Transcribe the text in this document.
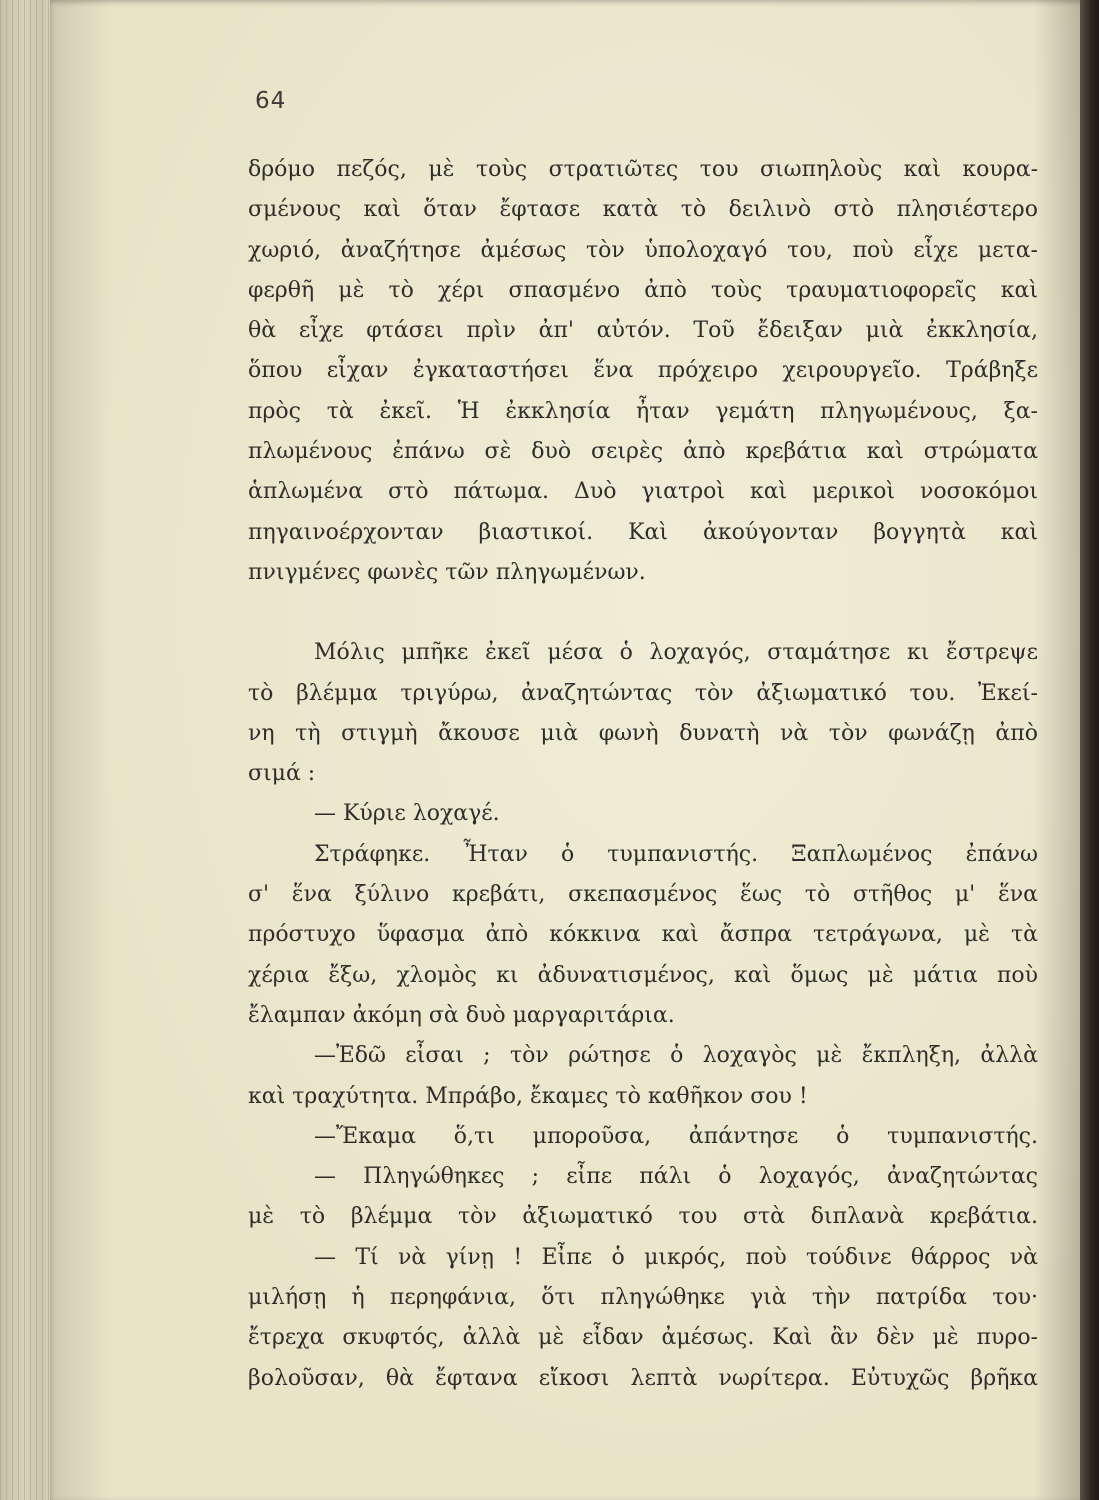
64
δρόμο πεζός, μὲ τοὺς στρατιῶτες του σιωπηλοὺς καὶ κουρα-
σμένους καὶ ὅταν ἔφτασε κατὰ τὸ δειλινὸ στὸ πλησιέστερο
χωριό, ἀναζήτησε ἀμέσως τὸν ὑπολοχαγό του, ποὺ εἶχε μετα-
φερθῆ μὲ τὸ χέρι σπασμένο ἀπὸ τοὺς τραυματιοφορεῖς καὶ
θὰ εἶχε φτάσει πρὶν ἀπ' αὐτόν. Τοῦ ἔδειξαν μιὰ ἐκκλησία,
ὅπου εἶχαν ἐγκαταστήσει ἕνα πρόχειρο χειρουργεῖο. Τράβηξε
πρὸς τὰ ἐκεῖ. Ἡ ἐκκλησία ἦταν γεμάτη πληγωμένους, ξα-
πλωμένους ἐπάνω σὲ δυὸ σειρὲς ἀπὸ κρεβάτια καὶ στρώματα
ἁπλωμένα στὸ πάτωμα. Δυὸ γιατροὶ καὶ μερικοὶ νοσοκόμοι
πηγαινοέρχονταν βιαστικοί. Καὶ ἀκούγονταν βογγητὰ καὶ
πνιγμένες φωνὲς τῶν πληγωμένων.
Μόλις μπῆκε ἐκεῖ μέσα ὁ λοχαγός, σταμάτησε κι ἔστρεψε
τὸ βλέμμα τριγύρω, ἀναζητώντας τὸν ἀξιωματικό του. Ἐκεί-
νη τὴ στιγμὴ ἄκουσε μιὰ φωνὴ δυνατὴ νὰ τὸν φωνάζῃ ἀπὸ
σιμά :
— Κύριε λοχαγέ.
Στράφηκε. Ἦταν ὁ τυμπανιστής. Ξαπλωμένος ἐπάνω
σ' ἕνα ξύλινο κρεβάτι, σκεπασμένος ἕως τὸ στῆθος μ' ἕνα
πρόστυχο ὕφασμα ἀπὸ κόκκινα καὶ ἄσπρα τετράγωνα, μὲ τὰ
χέρια ἔξω, χλομὸς κι ἀδυνατισμένος, καὶ ὅμως μὲ μάτια ποὺ
ἔλαμπαν ἀκόμη σὰ δυὸ μαργαριτάρια.
—Ἐδῶ εἶσαι ; τὸν ρώτησε ὁ λοχαγὸς μὲ ἔκπληξη, ἀλλὰ
καὶ τραχύτητα. Μπράβο, ἔκαμες τὸ καθῆκον σου !
—Ἔκαμα ὅ,τι μποροῦσα, ἀπάντησε ὁ τυμπανιστής.
— Πληγώθηκες ; εἶπε πάλι ὁ λοχαγός, ἀναζητώντας
μὲ τὸ βλέμμα τὸν ἀξιωματικό του στὰ διπλανὰ κρεβάτια.
— Τί νὰ γίνῃ ! Εἶπε ὁ μικρός, ποὺ τούδινε θάρρος νὰ
μιλήσῃ ἡ περηφάνια, ὅτι πληγώθηκε γιὰ τὴν πατρίδα του·
ἔτρεχα σκυφτός, ἀλλὰ μὲ εἶδαν ἀμέσως. Καὶ ἂν δὲν μὲ πυρο-
βολοῦσαν, θὰ ἔφτανα εἴκοσι λεπτὰ νωρίτερα. Εὐτυχῶς βρῆκα
